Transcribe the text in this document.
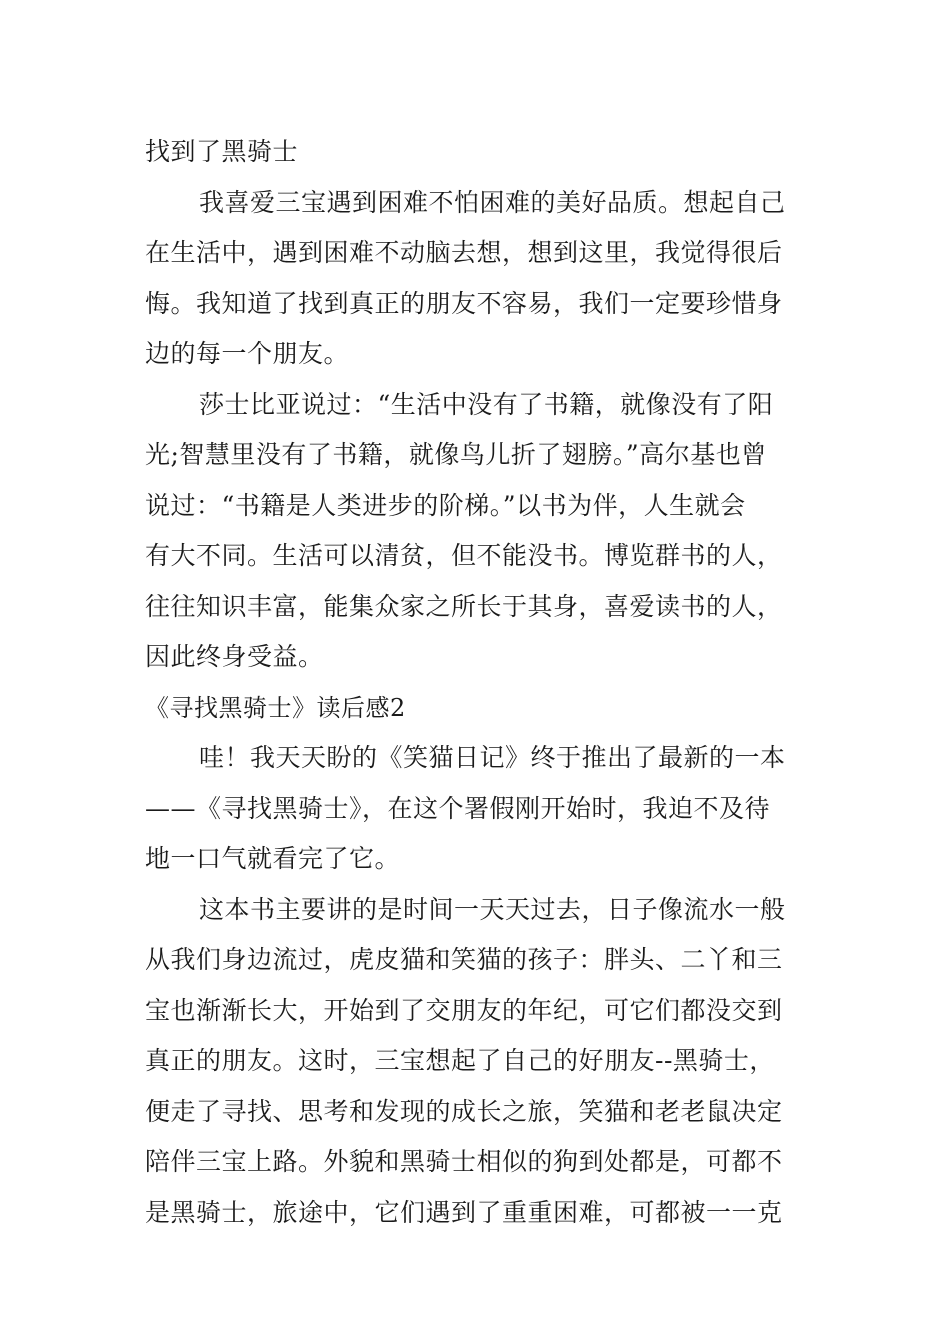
找到了黑骑士
我喜爱三宝遇到困难不怕困难的美好品质。想起自己
在生活中，遇到困难不动脑去想，想到这里，我觉得很后
悔。我知道了找到真正的朋友不容易，我们一定要珍惜身
边的每一个朋友。
莎士比亚说过：“生活中没有了书籍，就像没有了阳
光;智慧里没有了书籍，就像鸟儿折了翅膀。”高尔基也曾
说过：“书籍是人类进步的阶梯。”以书为伴，人生就会
有大不同。生活可以清贫，但不能没书。博览群书的人，
往往知识丰富，能集众家之所长于其身，喜爱读书的人，
因此终身受益。
《寻找黑骑士》读后感2
哇！我天天盼的《笑猫日记》终于推出了最新的一本
——《寻找黑骑士》，在这个署假刚开始时，我迫不及待
地一口气就看完了它。
这本书主要讲的是时间一天天过去，日子像流水一般
从我们身边流过，虎皮猫和笑猫的孩子：胖头、二丫和三
宝也渐渐长大，开始到了交朋友的年纪，可它们都没交到
真正的朋友。这时，三宝想起了自己的好朋友--黑骑士，
便走了寻找、思考和发现的成长之旅，笑猫和老老鼠决定
陪伴三宝上路。外貌和黑骑士相似的狗到处都是，可都不
是黑骑士，旅途中，它们遇到了重重困难，可都被一一克
